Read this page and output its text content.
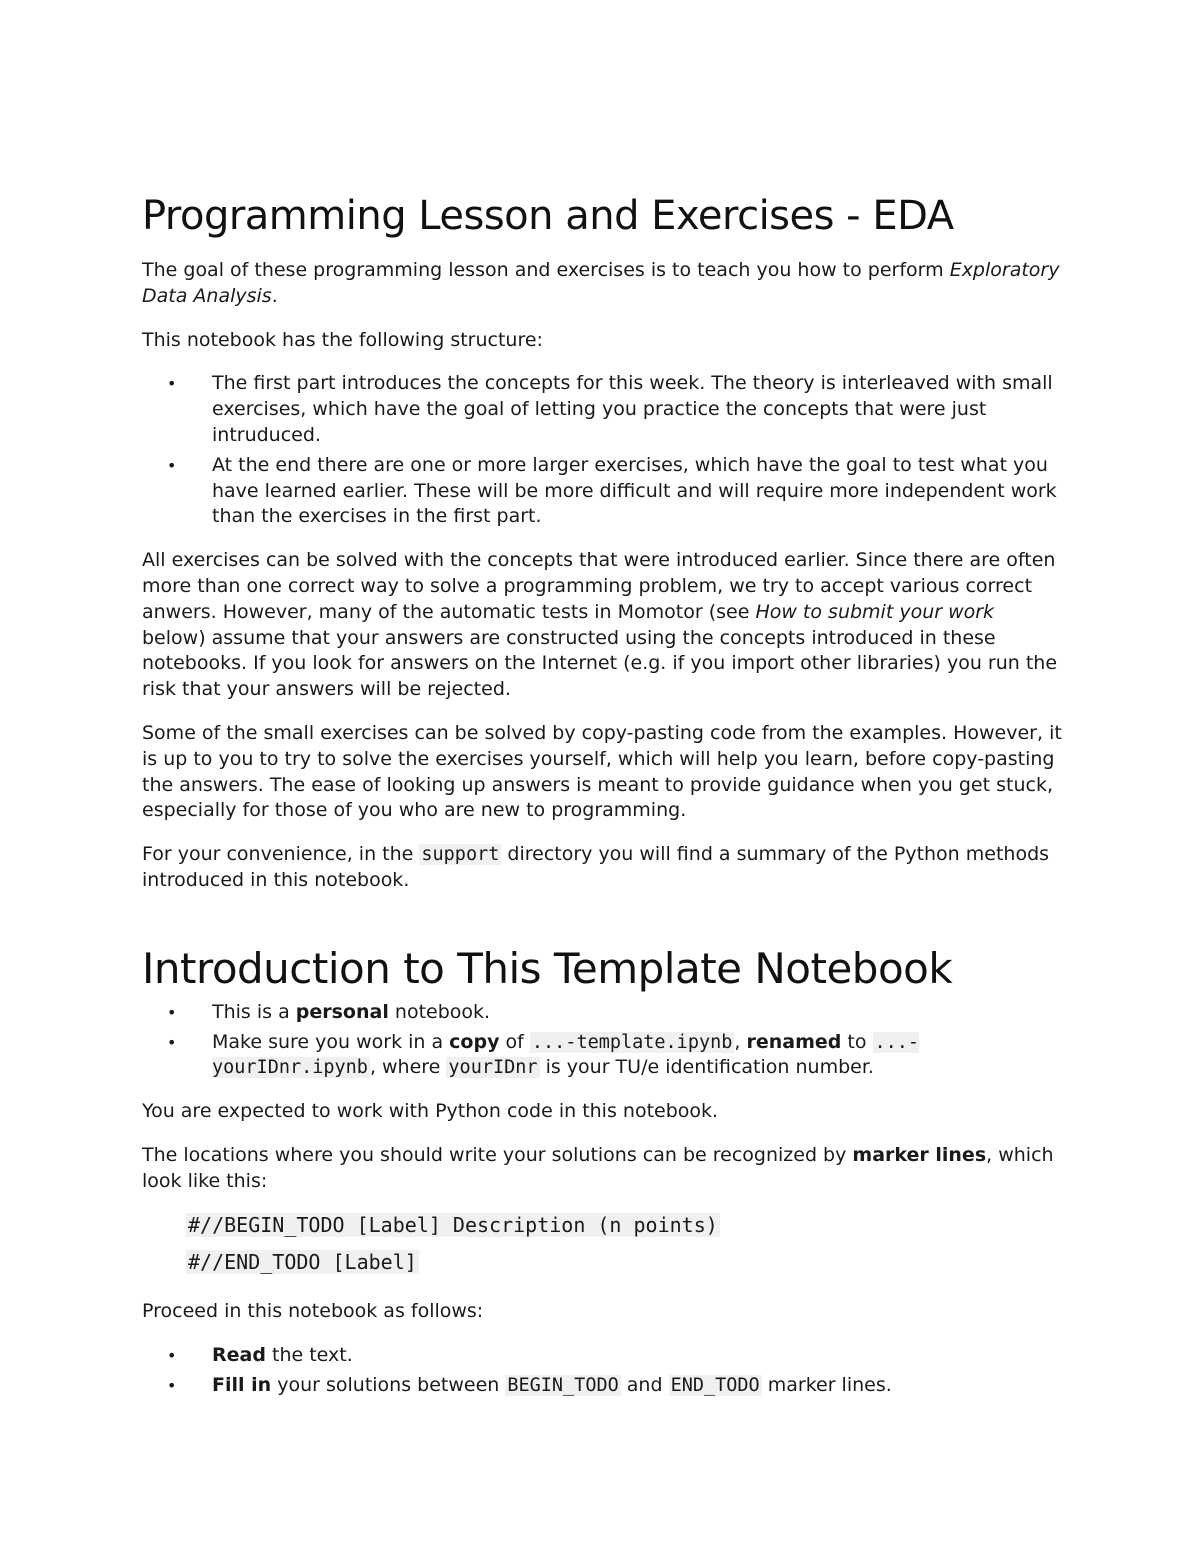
Programming Lesson and Exercises - EDA

The goal of these programming lesson and exercises is to teach you how to perform Exploratory Data Analysis.

This notebook has the following structure:

• The first part introduces the concepts for this week. The theory is interleaved with small exercises, which have the goal of letting you practice the concepts that were just intruduced.
• At the end there are one or more larger exercises, which have the goal to test what you have learned earlier. These will be more difficult and will require more independent work than the exercises in the first part.

All exercises can be solved with the concepts that were introduced earlier. Since there are often more than one correct way to solve a programming problem, we try to accept various correct anwers. However, many of the automatic tests in Momotor (see How to submit your work below) assume that your answers are constructed using the concepts introduced in these notebooks. If you look for answers on the Internet (e.g. if you import other libraries) you run the risk that your answers will be rejected.

Some of the small exercises can be solved by copy-pasting code from the examples. However, it is up to you to try to solve the exercises yourself, which will help you learn, before copy-pasting the answers. The ease of looking up answers is meant to provide guidance when you get stuck, especially for those of you who are new to programming.

For your convenience, in the support directory you will find a summary of the Python methods introduced in this notebook.

Introduction to This Template Notebook
• This is a personal notebook.
• Make sure you work in a copy of ...-template.ipynb , renamed to ...-yourIDnr.ipynb , where yourIDnr is your TU/e identification number.

You are expected to work with Python code in this notebook.

The locations where you should write your solutions can be recognized by marker lines, which look like this:

#//BEGIN_TODO [Label] Description (n points)
#//END_TODO [Label]

Proceed in this notebook as follows:

• Read the text.
• Fill in your solutions between BEGIN_TODO and END_TODO marker lines.
